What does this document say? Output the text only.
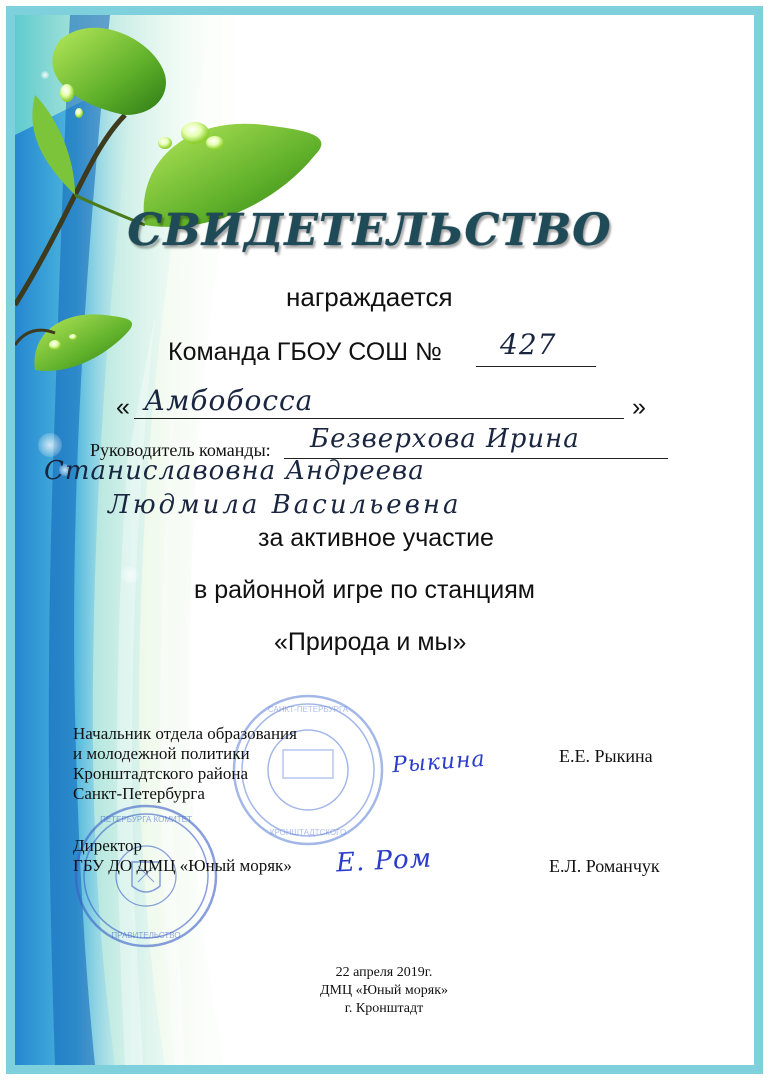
СВИДЕТЕЛЬСТВО
награждается
Команда ГБОУ СОШ № 427
« Амбобосса	»
Руководитель команды: Безверхова Ирина
Станиславовна Андреева
Людмила Васильевна
за активное участие
в районной игре по станциям
«Природа и мы»
САНКТ-ПЕТЕРБУРГА
КРОНШТАДТСКОГО
ПЕТЕРБУРГА КОМИТЕТ
ПРАВИТЕЛЬСТВО
Начальник отдела образования
и молодежной политики
Кронштадтского района
Санкт-Петербурга
Рыкина	Е.Е. Рыкина
Директор
ГБУ ДО ДМЦ «Юный моряк» Е. Ром	Е.Л. Романчук
22 апреля 2019г.
ДМЦ «Юный моряк»
г. Кронштадт
